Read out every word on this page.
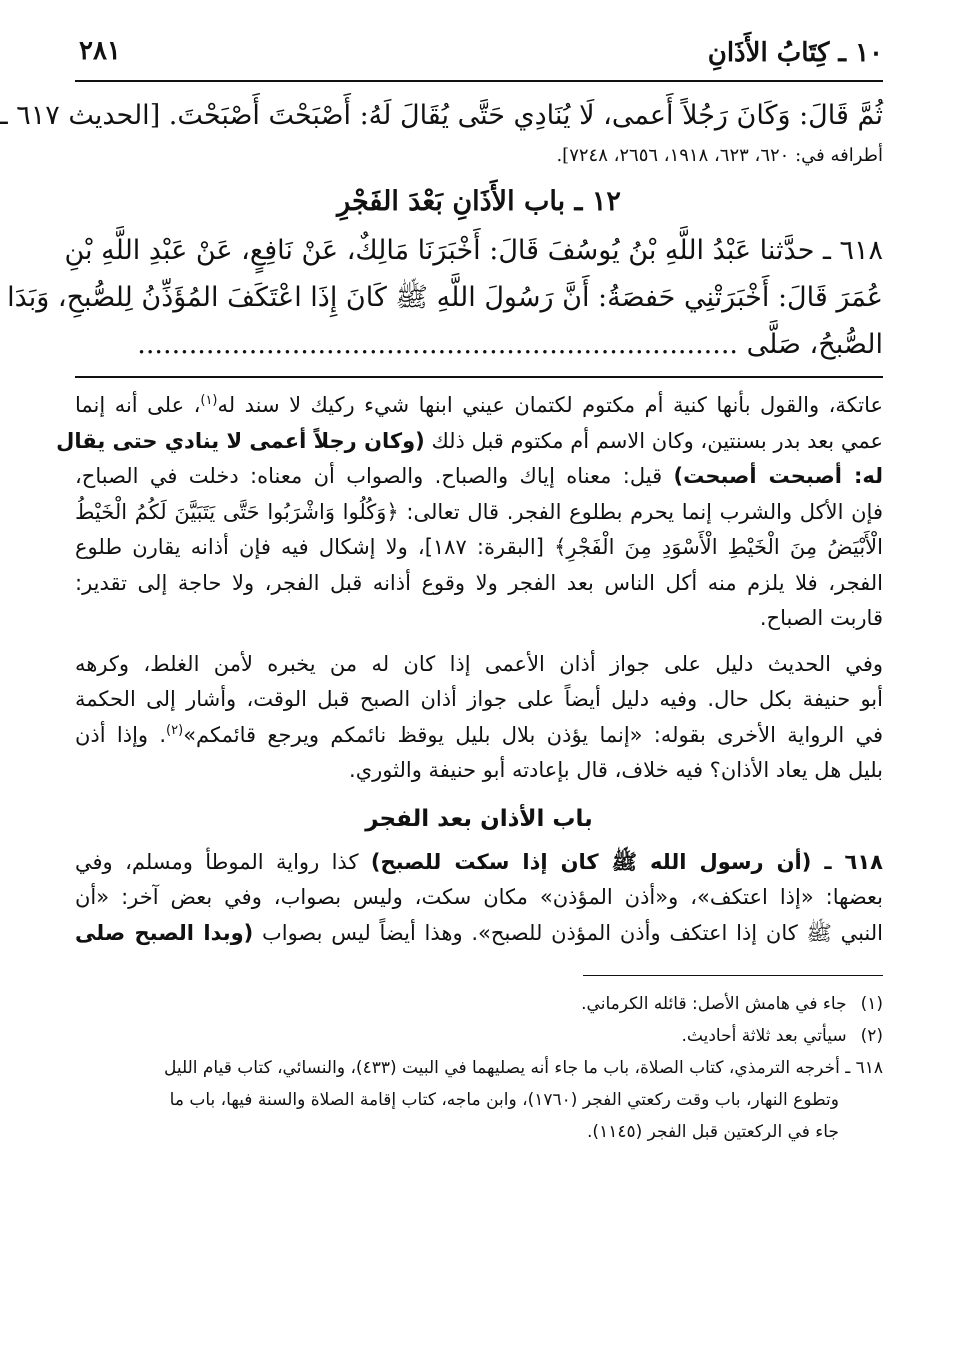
١٠ ـ كِتَابُ الأَذَانِ
٢٨١
ثُمَّ قَالَ: وَكَانَ رَجُلاً أَعمى، لَا يُنَادِي حَتَّى يُقَالَ لَهُ: أَصْبَحْتَ أَصْبَحْتَ. [الحديث ٦١٧ ـ
أطرافه في: ٦٢٠، ٦٢٣، ١٩١٨، ٢٦٥٦، ٧٢٤٨].
١٢ ـ باب الأَذَانِ بَعْدَ الفَجْرِ
٦١٨ ـ حدَّثنا عَبْدُ اللَّهِ بْنُ يُوسُفَ قَالَ: أَخْبَرَنَا مَالِكٌ، عَنْ نَافِعٍ، عَنْ عَبْدِ اللَّهِ بْنِ
عُمَرَ قَالَ: أَخْبَرَتْنِي حَفصَةُ: أَنَّ رَسُولَ اللَّهِ ﷺ كَانَ إِذَا اعْتَكَفَ المُؤَذِّنُ لِلصُّبحِ، وَبَدَا
الصُّبحُ، صَلَّى ......................................................................
عاتكة، والقول بأنها كنية أم مكتوم لكتمان عيني ابنها شيء ركيك لا سند له$^{(١)}$، على أنه إنما
عمي بعد بدر بسنتين، وكان الاسم أم مكتوم قبل ذلك (وكان رجلاً أعمى لا ينادي حتى يقال
له: أصبحت أصبحت) قيل: معناه إياك والصباح. والصواب أن معناه: دخلت في الصباح،
فإن الأكل والشرب إنما يحرم بطلوع الفجر. قال تعالى: ﴿وَكُلُوا وَاشْرَبُوا حَتَّى يَتَبَيَّنَ لَكُمُ الْخَيْطُ
الْأَبْيَضُ مِنَ الْخَيْطِ الْأَسْوَدِ مِنَ الْفَجْرِ﴾ [البقرة: ١٨٧]، ولا إشكال فيه فإن أذانه يقارن طلوع
الفجر، فلا يلزم منه أكل الناس بعد الفجر ولا وقوع أذانه قبل الفجر، ولا حاجة إلى تقدير:
قاربت الصباح.
وفي الحديث دليل على جواز أذان الأعمى إذا كان له من يخبره لأمن الغلط، وكرهه
أبو حنيفة بكل حال. وفيه دليل أيضاً على جواز أذان الصبح قبل الوقت، وأشار إلى الحكمة
في الرواية الأخرى بقوله: «إنما يؤذن بلال بليل يوقظ نائمكم ويرجع قائمكم»$^{(٢)}$. وإذا أذن
بليل هل يعاد الأذان؟ فيه خلاف، قال بإعادته أبو حنيفة والثوري.
باب الأذان بعد الفجر
٦١٨ ـ (أن رسول الله ﷺ كان إذا سكت للصبح) كذا رواية الموطأ ومسلم، وفي
بعضها: «إذا اعتكف»، و«أذن المؤذن» مكان سكت، وليس بصواب، وفي بعض آخر: «أن
النبي ﷺ كان إذا اعتكف وأذن المؤذن للصبح». وهذا أيضاً ليس بصواب (وبدا الصبح صلى
(١)جاء في هامش الأصل: قائله الكرماني.
(٢)سيأتي بعد ثلاثة أحاديث.
٦١٨ ـ أخرجه الترمذي، كتاب الصلاة، باب ما جاء أنه يصليهما في البيت (٤٣٣)، والنسائي، كتاب قيام الليل
وتطوع النهار، باب وقت ركعتي الفجر (١٧٦٠)، وابن ماجه، كتاب إقامة الصلاة والسنة فيها، باب ما
جاء في الركعتين قبل الفجر (١١٤٥).
